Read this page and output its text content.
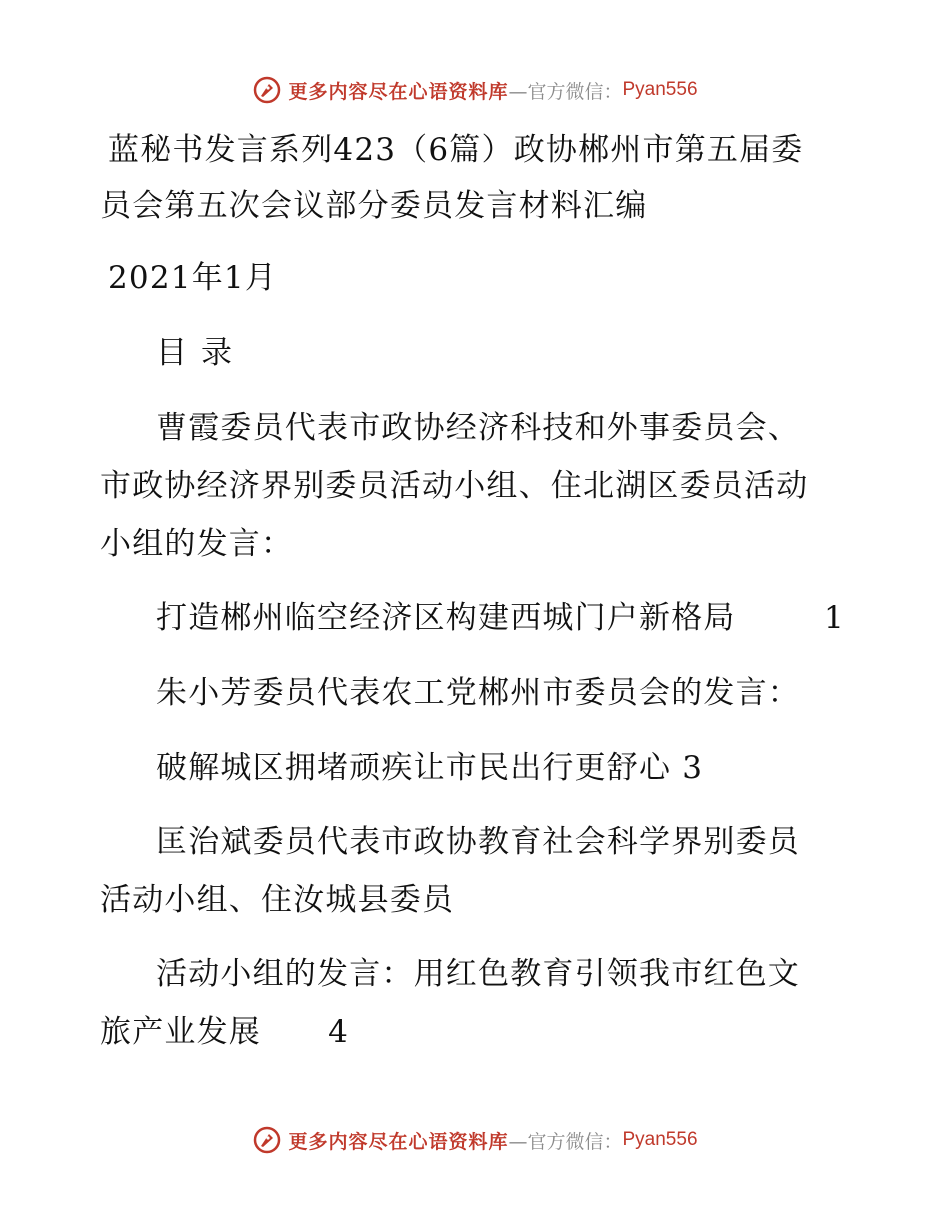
更多内容尽在心语资料库 —官方微信： Pyan556
蓝秘书发言系列423（6篇）政协郴州市第五届委
员会第五次会议部分委员发言材料汇编
2021年1月
目录
曹霞委员代表市政协经济科技和外事委员会、
市政协经济界别委员活动小组、住北湖区委员活动
小组的发言：
打造郴州临空经济区构建西城门户新格局	1
朱小芳委员代表农工党郴州市委员会的发言：
破解城区拥堵顽疾让市民出行更舒心 3
匡治斌委员代表市政协教育社会科学界别委员
活动小组、住汝城县委员
活动小组的发言：用红色教育引领我市红色文
旅产业发展 4
更多内容尽在心语资料库 —官方微信： Pyan556
